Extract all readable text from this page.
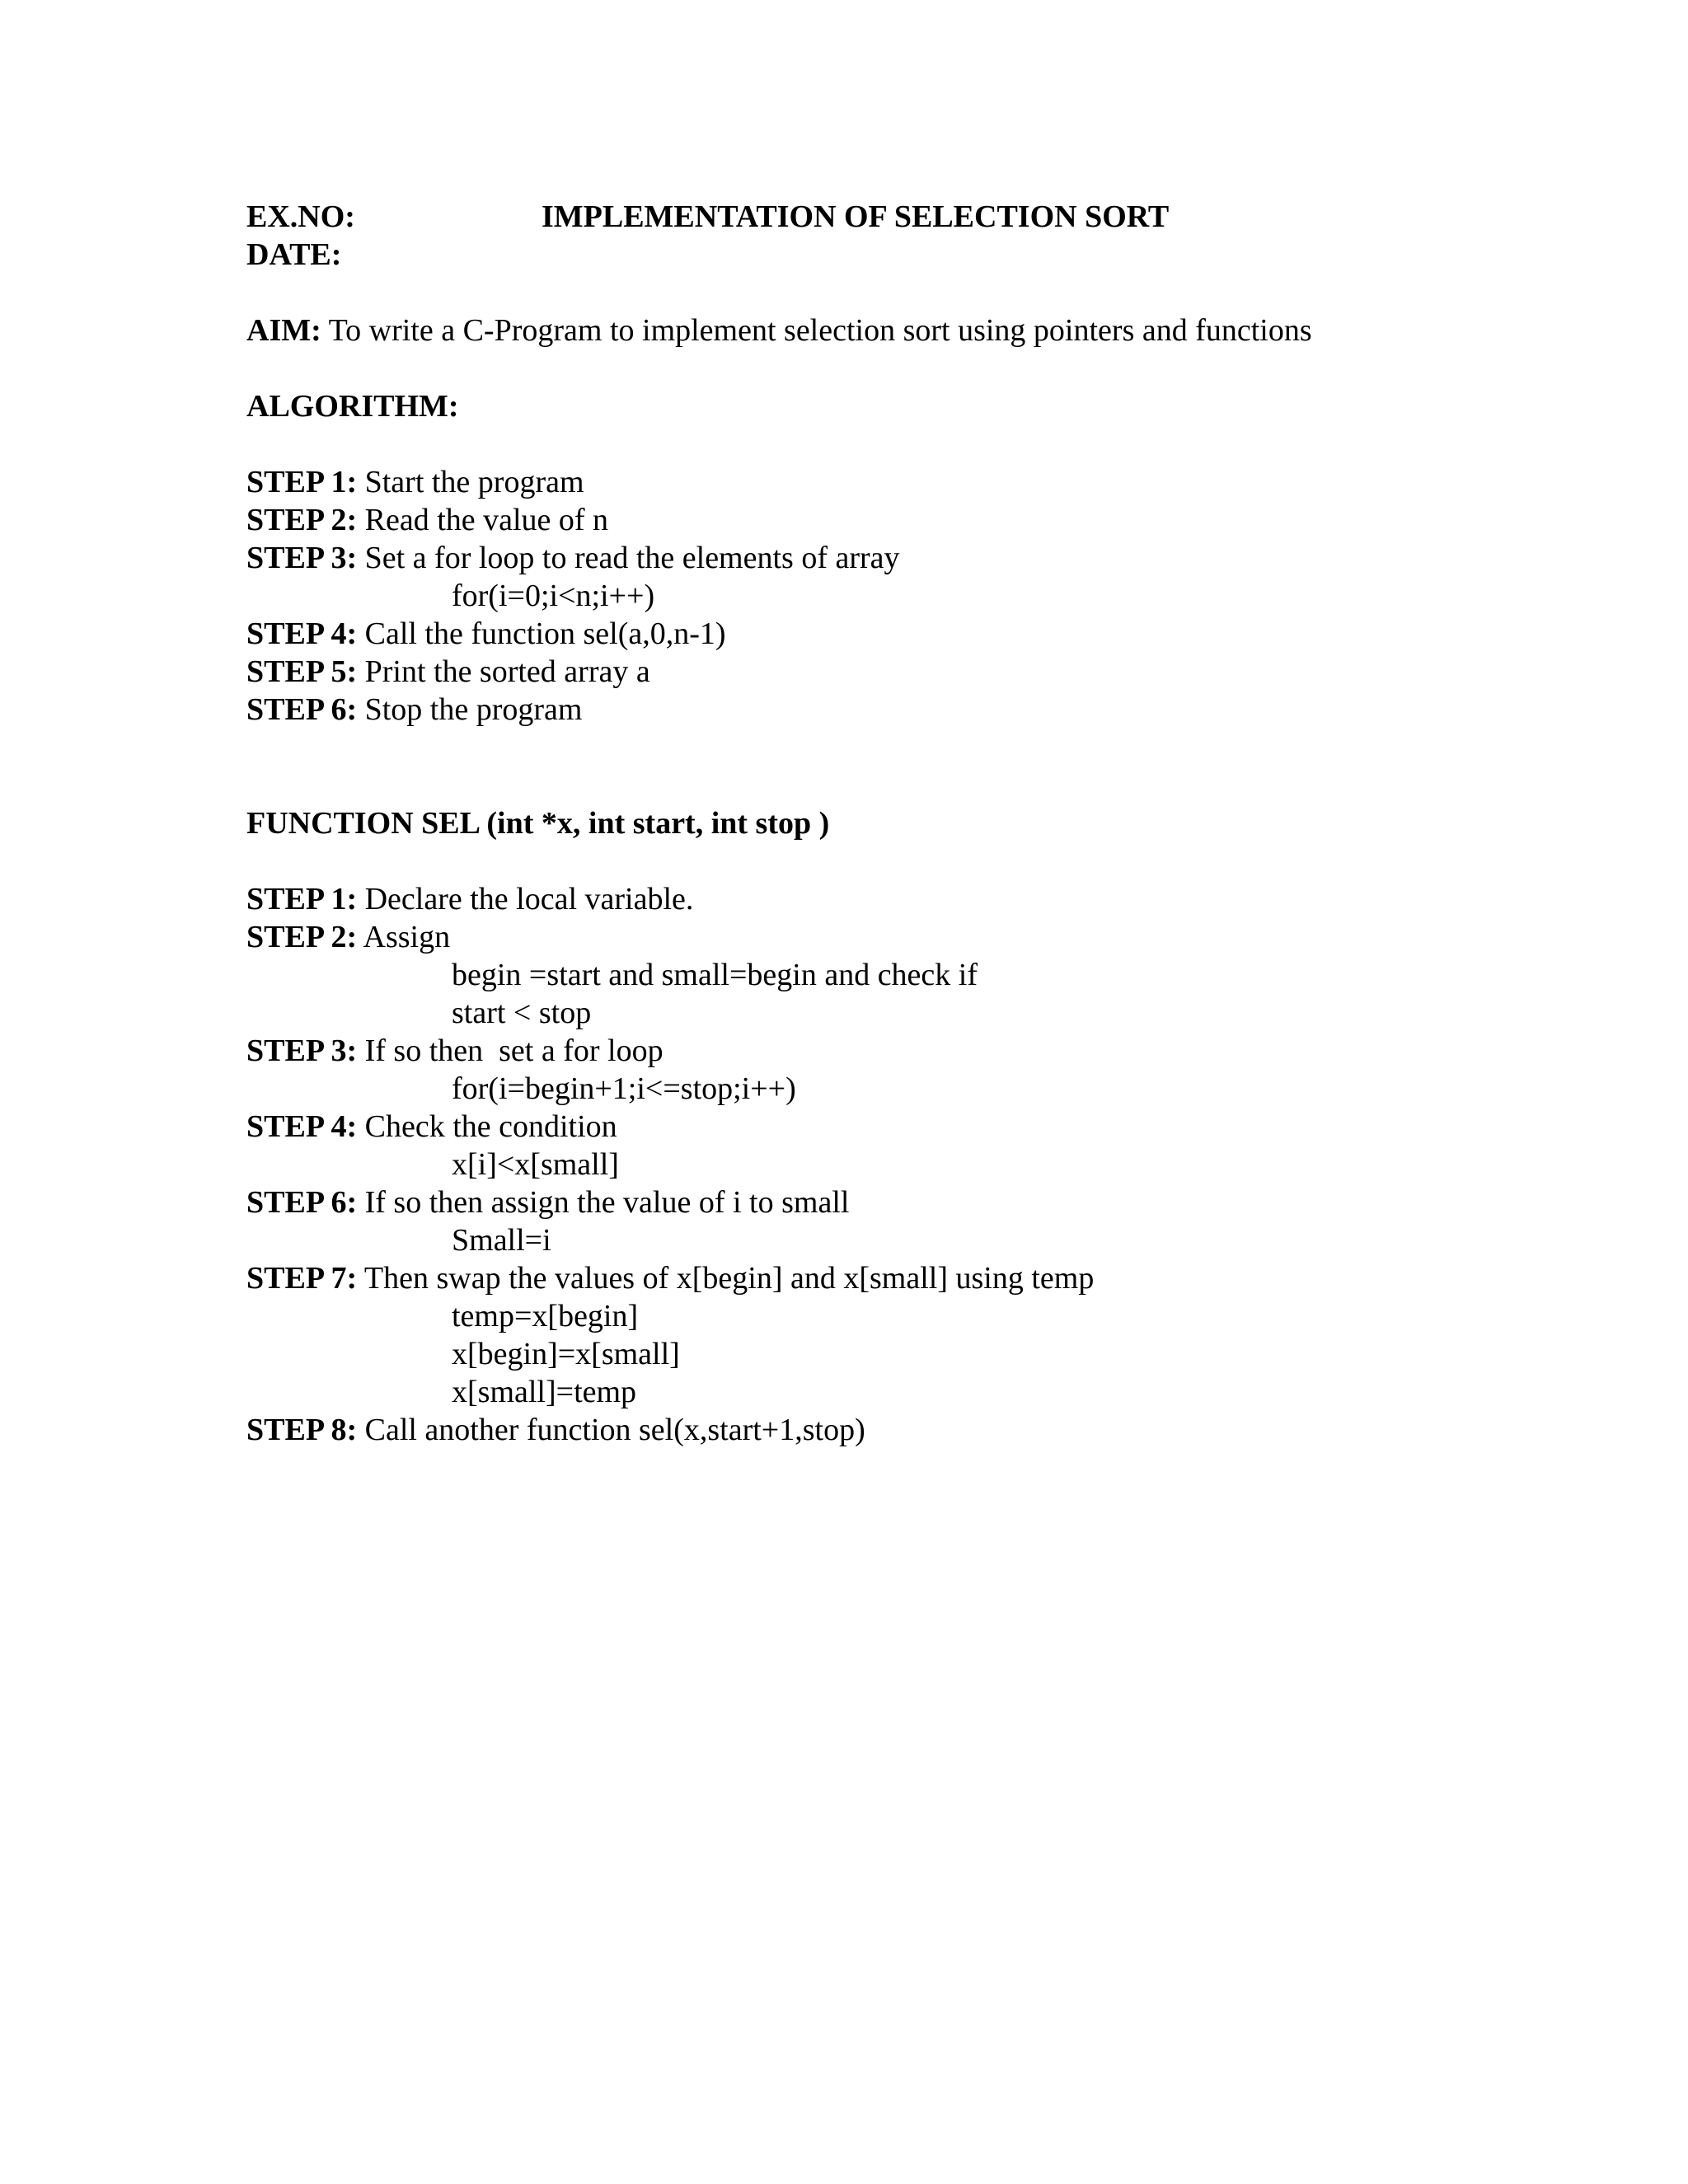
EX.NO:	IMPLEMENTATION OF SELECTION SORT
DATE:
AIM: To write a C-Program to implement selection sort using pointers and functions
ALGORITHM:
STEP 1: Start the program
STEP 2: Read the value of n
STEP 3: Set a for loop to read the elements of array
for(i=0;i<n;i++)
STEP 4: Call the function sel(a,0,n-1)
STEP 5: Print the sorted array a
STEP 6: Stop the program
FUNCTION SEL (int *x, int start, int stop )
STEP 1: Declare the local variable.
STEP 2: Assign
begin =start and small=begin and check if
start < stop
STEP 3: If so then  set a for loop
for(i=begin+1;i<=stop;i++)
STEP 4: Check the condition
x[i]<x[small]
STEP 6: If so then assign the value of i to small
Small=i
STEP 7: Then swap the values of x[begin] and x[small] using temp
temp=x[begin]
x[begin]=x[small]
x[small]=temp
STEP 8: Call another function sel(x,start+1,stop)
